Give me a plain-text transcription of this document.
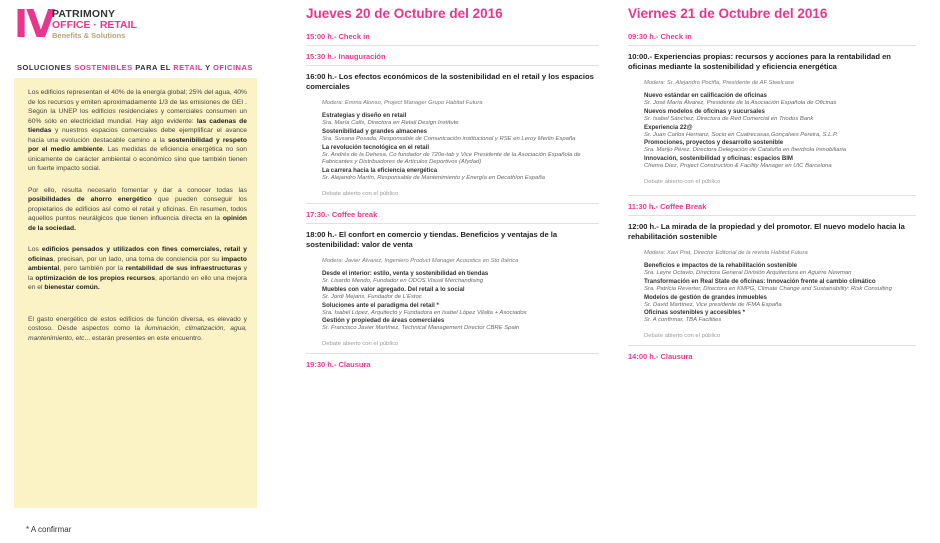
IV
PATRIMONY
OFFICE · RETAIL
Benefits & Solutions
SOLUCIONES SOSTENIBLES PARA EL RETAIL Y OFICINAS

Los edificios representan el 40% de la energía global; 25% del agua, 40% de los recursos y emiten aproximadamente 1/3 de las emisiones de GEI . Según la UNEP los edificios residenciales y comerciales consumen un 60% sólo en electricidad mundial. Hay algo evidente: las cadenas de tiendas y nuestros espacios comerciales debe ejemplificar el avance hacia una evolución destacable camino a la sostenibilidad y respeto por el medio ambiente. Las medidas de eficiencia energética no son únicamente de carácter ambiental o económico sino que también tienen un fuerte impacto social.

Por ello, resulta necesario fomentar y dar a conocer todas las posibilidades de ahorro energético que pueden conseguir los propietarios de edificios así como el retail y oficinas. En resumen, todos aquellos puntos neurálgicos que tienen influencia directa en la opinión de la sociedad.

Los edificios pensados y utilizados con fines comerciales, retail y oficinas, precisan, por un lado, una toma de conciencia por su impacto ambiental, pero también por la rentabilidad de sus infraestructuras y la optimización de los propios recursos, aportando en ello una mejora en el bienestar común.

El gasto energético de estos edificios de función diversa, es elevado y costoso. Desde aspectos como la iluminación, climatización, agua, mantenimiento, etc... estarán presentes en este encuentro.

* A confirmar
Jueves 20 de Octubre del 2016
15:00 h.- Check in
15:30 h.- Inauguración
16:00 h.- Los efectos económicos de la sostenibilidad en el retail y los espacios comerciales
Modera: Emma Alonso, Project Manager Grupo Habitat Futura
Estrategias y diseño en retail
Sra. María Calls, Directora en Retail Design Institute
Sostenibilidad y grandes almacenes
Sra. Susana Posada, Responsable de Comunicación institucional y RSE en Leroy Merlin España
La revolución tecnológica en el retail
Sr. Andrés de la Dehesa, Co fundador de 720e-tab y Vice Presidente de la Asociación Española de Fabricantes y Distribuidores de Artículos Deportivos (Afydad)
La carrera hacia la eficiencia energética
Sr. Alejandro Martín, Responsable de Mantenimiento y Energía en Decathlon España
Debate abierto con el público
17:30.- Coffee break
18:00 h.- El confort en comercio y tiendas. Beneficios y ventajas de la sostenibilidad: valor de venta
Modera: Javier Álvarez, Ingeniero Product Manager Acoustics en Sto Ibérica
Desde el interior: estilo, venta y sostenibilidad en tiendas
Sr. Lisardo Mendo, Fundador en ODOS Visual Merchandising
Muebles con valor agregado. Del retail a lo social
Sr. Jordi Mejans, Fundador de L'Estoc
Soluciones ante el paradigma del retail *
Sra. Isabel López, Arquitecto y Fundadora en Isabel López Vilalta + Asociados
Gestión y propiedad de áreas comerciales
Sr. Francisco Javier Martínez, Technical Management Director CBRE Spain
Debate abierto con el público
19:30 h.- Clausura
Viernes 21 de Octubre del 2016
09:30 h.- Check in
10:00.- Experiencias propias: recursos y acciones para la rentabilidad en oficinas mediante la sostenibilidad y eficiencia energética
Modera: Sr. Alejandro Pociña, Presidente de AF Steelcase
Nuevo estándar en calificación de oficinas
Sr. José María Álvarez, Presidente de la Asociación Española de Oficinas
Nuevos modelos de oficinas y sucursales
Sr. Isabel Sánchez, Directora de Red Comercial en Triodos Bank
Experiencia 22@
Sr. Juan Carlos Hernanz, Socio en Cuatrecasas,Gonçalves Pereira, S.L.P.
Promociones, proyectos y desarrollo sostenible
Sra. Marijo Pérez, Directora Delegación de Cataluña en Iberdrola Inmobiliaria
Innovación, sostenibilidad y oficinas: espacios BIM
Chema Díez, Project Construction & Facility Manager en UIC Barcelona
Debate abierto con el público
11:30 h.- Coffee Break
12:00 h.- La mirada de la propiedad y del promotor. El nuevo modelo hacia la rehabilitación sostenible
Modera: Xavi Prat, Director Editorial de la revista Habitat Futura
Beneficios e impactos de la rehabilitación sostenible
Sra. Leyre Octavio, Directora General División Arquitectura en Aguirre Newman
Transformación en Real State de oficinas: Innovación frente al cambio climático
Sra. Patricia Reverter, Directora en KMPG, Climate Change and Sustainability: Risk Consulting
Modelos de gestión de grandes inmuebles
Sr. David Martínez, Vice presidente de IFMA España
Oficinas sostenibles y accesibles *
Sr. A confirmar, TBA Facilities
Debate abierto con el público
14:00 h.- Clausura
